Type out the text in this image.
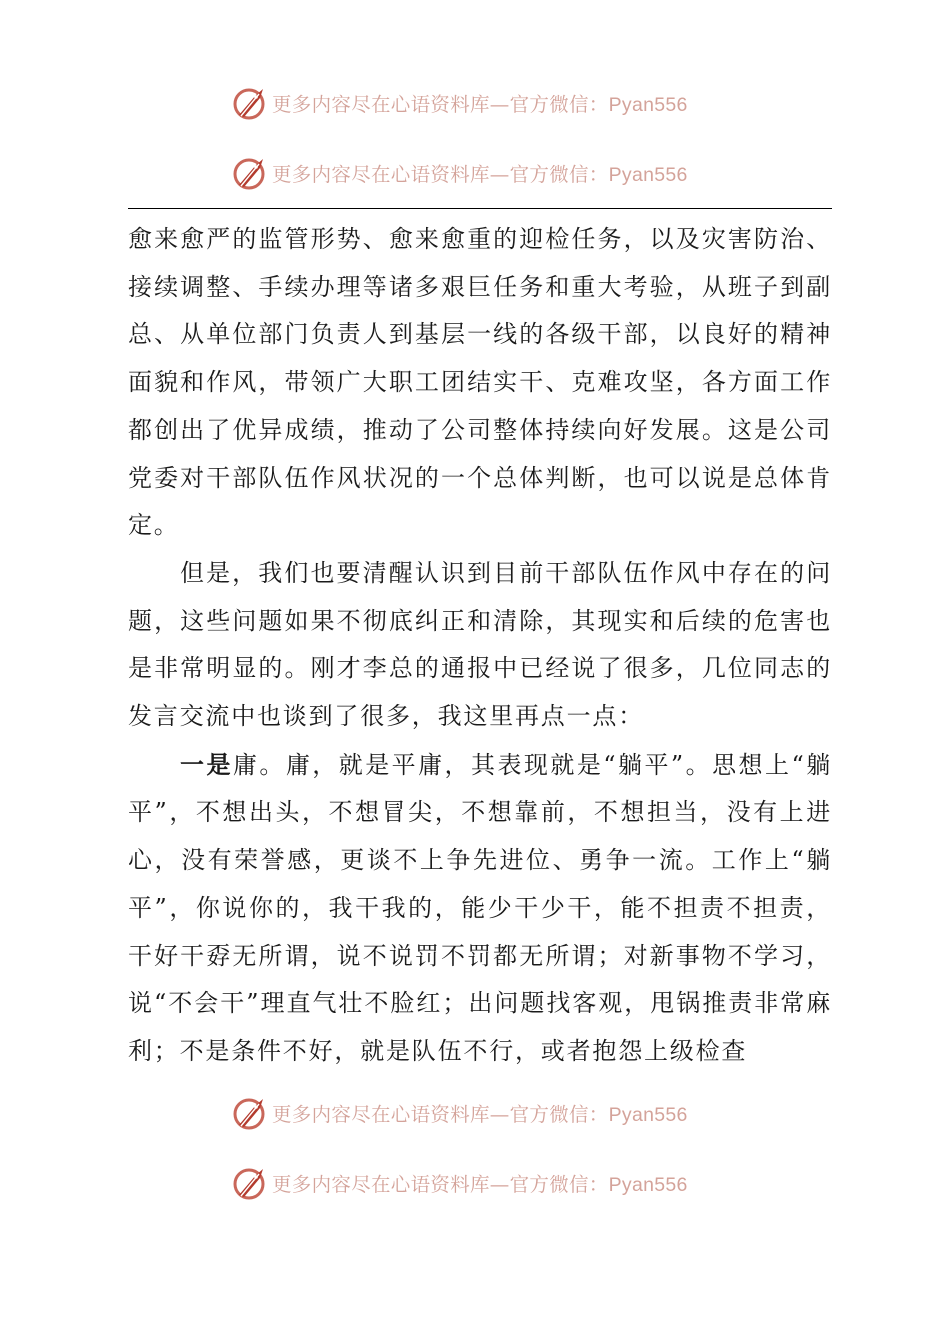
更多内容尽在心语资料库—官方微信：Pyan556
更多内容尽在心语资料库—官方微信：Pyan556

愈来愈严的监管形势、愈来愈重的迎检任务，以及灾害防治、接续调整、手续办理等诸多艰巨任务和重大考验，从班子到副总、从单位部门负责人到基层一线的各级干部，以良好的精神面貌和作风，带领广大职工团结实干、克难攻坚，各方面工作都创出了优异成绩，推动了公司整体持续向好发展。这是公司党委对干部队伍作风状况的一个总体判断，也可以说是总体肯定。

但是，我们也要清醒认识到目前干部队伍作风中存在的问题，这些问题如果不彻底纠正和清除，其现实和后续的危害也是非常明显的。刚才李总的通报中已经说了很多，几位同志的发言交流中也谈到了很多，我这里再点一点：

一是庸。庸，就是平庸，其表现就是“躺平”。思想上“躺平”，不想出头，不想冒尖，不想靠前，不想担当，没有上进心，没有荣誉感，更谈不上争先进位、勇争一流。工作上“躺平”，你说你的，我干我的，能少干少干，能不担责不担责，干好干孬无所谓，说不说罚不罚都无所谓；对新事物不学习，说“不会干”理直气壮不脸红；出问题找客观，甩锅推责非常麻利；不是条件不好，就是队伍不行，或者抱怨上级检查

更多内容尽在心语资料库—官方微信：Pyan556
更多内容尽在心语资料库—官方微信：Pyan556
